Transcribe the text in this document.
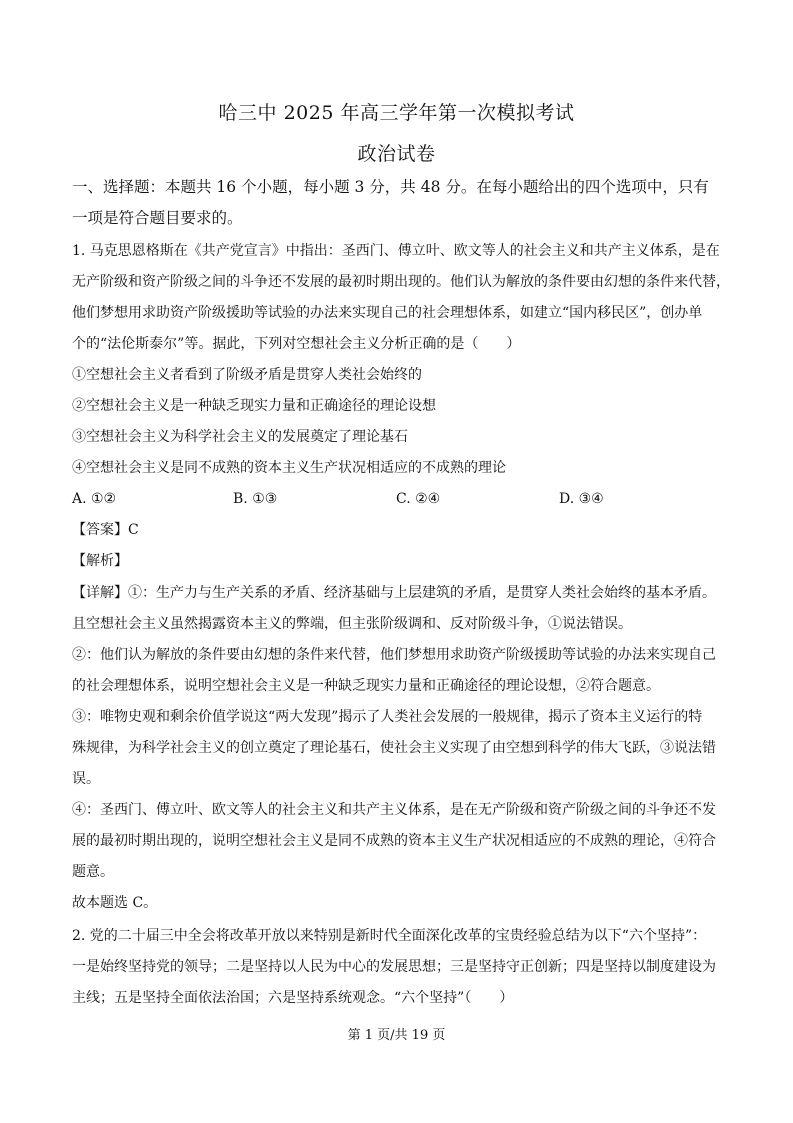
哈三中 2025 年高三学年第一次模拟考试
政治试卷
一、选择题：本题共 16 个小题，每小题 3 分，共 48 分。在每小题给出的四个选项中，只有
一项是符合题目要求的。
1. 马克思恩格斯在《共产党宣言》中指出：圣西门、傅立叶、欧文等人的社会主义和共产主义体系，是在
无产阶级和资产阶级之间的斗争还不发展的最初时期出现的。他们认为解放的条件要由幻想的条件来代替，
他们梦想用求助资产阶级援助等试验的办法来实现自己的社会理想体系，如建立“国内移民区”，创办单
个的“法伦斯泰尔”等。据此，下列对空想社会主义分析正确的是（　　）
①空想社会主义者看到了阶级矛盾是贯穿人类社会始终的
②空想社会主义是一种缺乏现实力量和正确途径的理论设想
③空想社会主义为科学社会主义的发展奠定了理论基石
④空想社会主义是同不成熟的资本主义生产状况相适应的不成熟的理论
A. ①②	B. ①③	C. ②④	D. ③④
【答案】C
【解析】
【详解】①：生产力与生产关系的矛盾、经济基础与上层建筑的矛盾，是贯穿人类社会始终的基本矛盾。
且空想社会主义虽然揭露资本主义的弊端，但主张阶级调和、反对阶级斗争，①说法错误。
②：他们认为解放的条件要由幻想的条件来代替，他们梦想用求助资产阶级援助等试验的办法来实现自己
的社会理想体系，说明空想社会主义是一种缺乏现实力量和正确途径的理论设想，②符合题意。
③：唯物史观和剩余价值学说这“两大发现”揭示了人类社会发展的一般规律，揭示了资本主义运行的特
殊规律，为科学社会主义的创立奠定了理论基石，使社会主义实现了由空想到科学的伟大飞跃，③说法错
误。
④：圣西门、傅立叶、欧文等人的社会主义和共产主义体系，是在无产阶级和资产阶级之间的斗争还不发
展的最初时期出现的，说明空想社会主义是同不成熟的资本主义生产状况相适应的不成熟的理论，④符合
题意。
故本题选 C。
2. 党的二十届三中全会将改革开放以来特别是新时代全面深化改革的宝贵经验总结为以下“六个坚持”：
一是始终坚持党的领导；二是坚持以人民为中心的发展思想；三是坚持守正创新；四是坚持以制度建设为
主线；五是坚持全面依法治国；六是坚持系统观念。“六个坚持”（　　）
第 1 页/共 19 页
